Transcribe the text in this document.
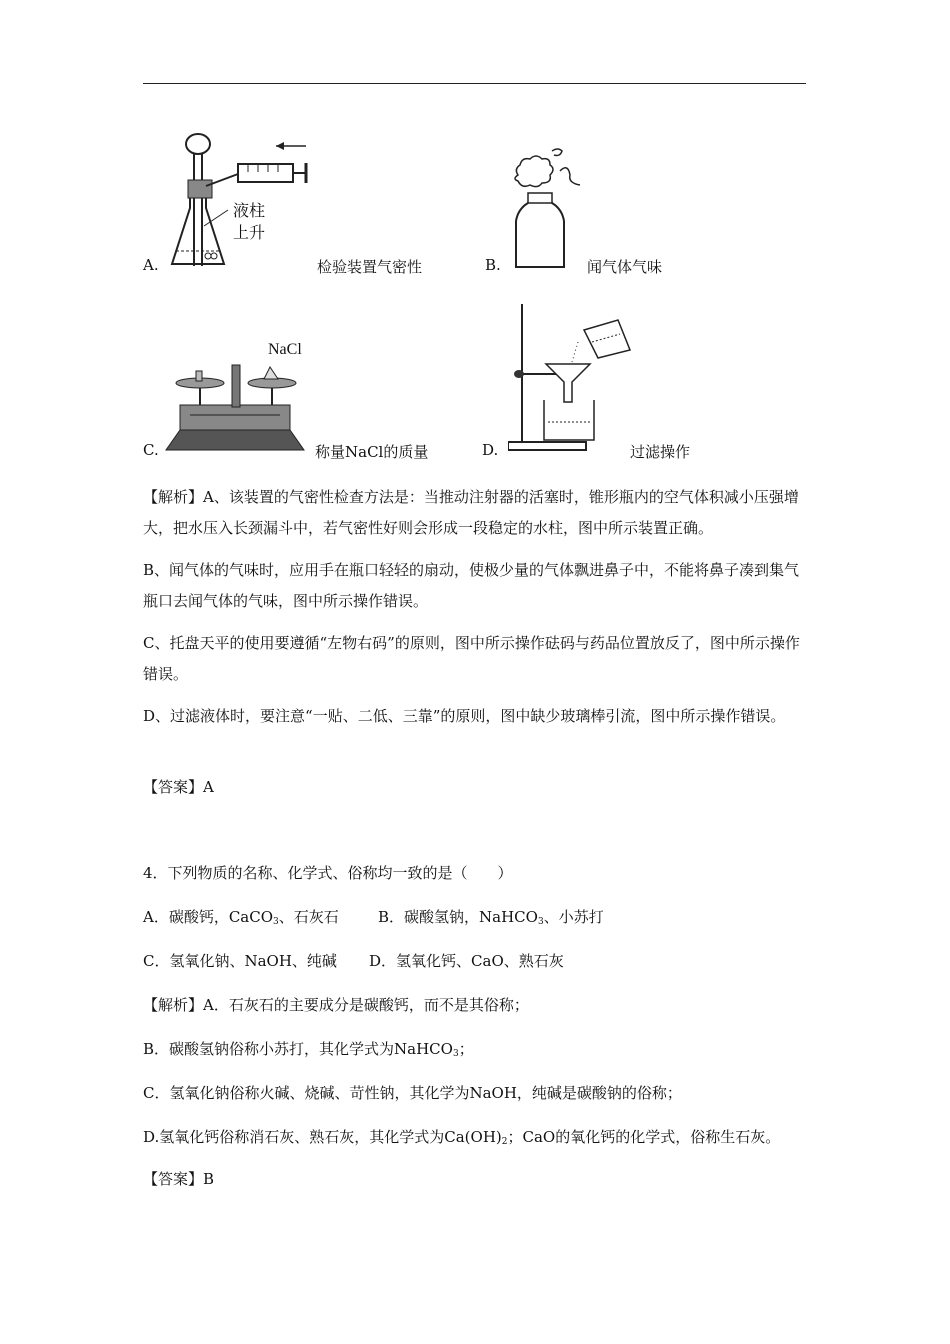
液柱
上升
A.	检验装置气密性	B.	闻气体气味
NaCl
C.	称量NaCl的质量	D.	过滤操作
【解析】A、该装置的气密性检查方法是：当推动注射器的活塞时，锥形瓶内的空气体积减小压强增大，把水压入长颈漏斗中，若气密性好则会形成一段稳定的水柱，图中所示装置正确。
B、闻气体的气味时，应用手在瓶口轻轻的扇动，使极少量的气体飘进鼻子中，不能将鼻子凑到集气瓶口去闻气体的气味，图中所示操作错误。
C、托盘天平的使用要遵循“左物右码”的原则，图中所示操作砝码与药品位置放反了，图中所示操作错误。
D、过滤液体时，要注意“一贴、二低、三靠”的原则，图中缺少玻璃棒引流，图中所示操作错误。
【答案】A
4．下列物质的名称、化学式、俗称均一致的是（　　）
A．碳酸钙，CaCO$_3$、石灰石	B．碳酸氢钠，NaHCO$_3$、小苏打
C．氢氧化钠、NaOH、纯碱 D．氢氧化钙、CaO、熟石灰
【解析】A．石灰石的主要成分是碳酸钙，而不是其俗称；
B．碳酸氢钠俗称小苏打，其化学式为NaHCO$_3$；
C．氢氧化钠俗称火碱、烧碱、苛性钠，其化学为NaOH，纯碱是碳酸钠的俗称；
D.氢氧化钙俗称消石灰、熟石灰，其化学式为$Ca(OH)_2$；CaO的氧化钙的化学式，俗称生石灰。
【答案】B
